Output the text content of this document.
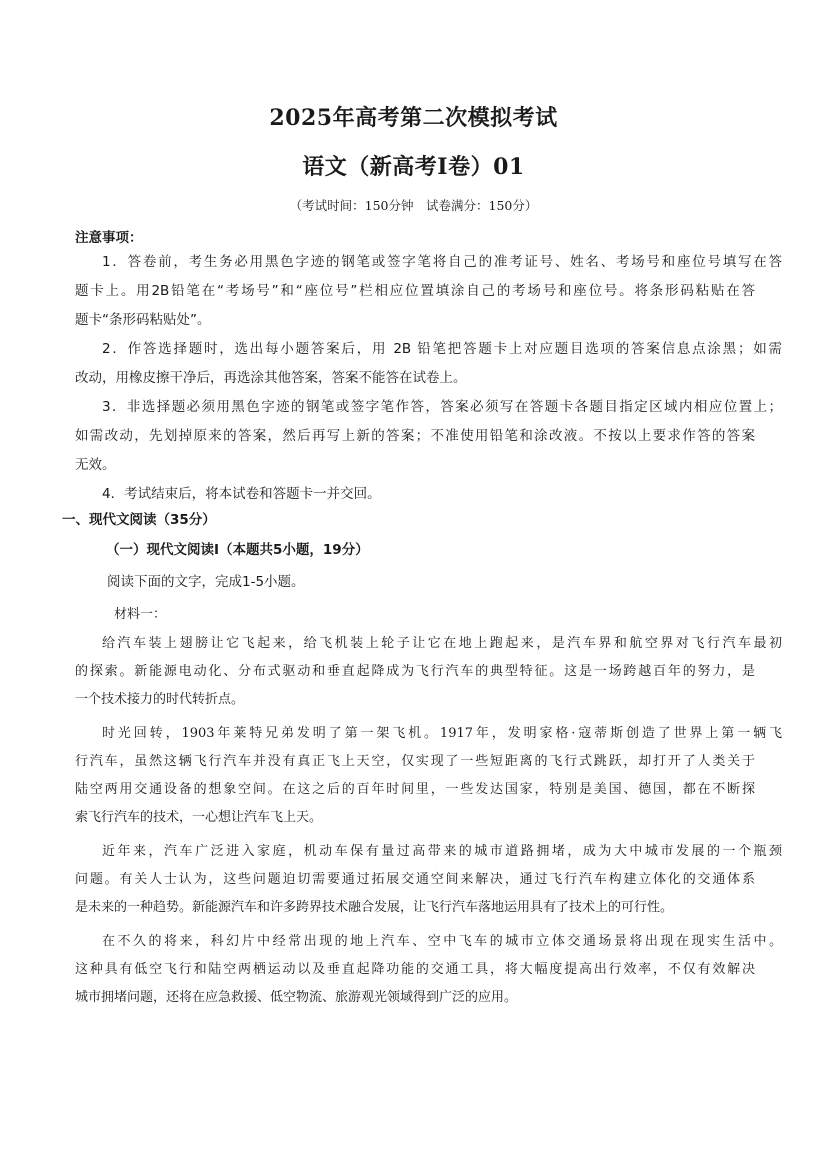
2025年高考第二次模拟考试
语文（新高考Ⅰ卷）01
（考试时间：150分钟　试卷满分：150分）
注意事项：
1．答卷前，考生务必用黑色字迹的钢笔或签字笔将自己的准考证号、姓名、考场号和座位号填写在答
题卡上。用2B铅笔在“考场号”和“座位号”栏相应位置填涂自己的考场号和座位号。将条形码粘贴在答
题卡“条形码粘贴处”。
2．作答选择题时，选出每小题答案后，用 2B 铅笔把答题卡上对应题目选项的答案信息点涂黑；如需
改动，用橡皮擦干净后，再选涂其他答案，答案不能答在试卷上。
3．非选择题必须用黑色字迹的钢笔或签字笔作答，答案必须写在答题卡各题目指定区域内相应位置上；
如需改动，先划掉原来的答案，然后再写上新的答案；不准使用铅笔和涂改液。不按以上要求作答的答案
无效。
4．考试结束后，将本试卷和答题卡一并交回。
一、现代文阅读（35分）
（一）现代文阅读Ⅰ（本题共5小题，19分）
阅读下面的文字，完成1-5小题。
材料一：
给汽车装上翅膀让它飞起来，给飞机装上轮子让它在地上跑起来，是汽车界和航空界对飞行汽车最初
的探索。新能源电动化、分布式驱动和垂直起降成为飞行汽车的典型特征。这是一场跨越百年的努力，是
一个技术接力的时代转折点。
时光回转，1903年莱特兄弟发明了第一架飞机。1917年，发明家格·寇蒂斯创造了世界上第一辆飞
行汽车，虽然这辆飞行汽车并没有真正飞上天空，仅实现了一些短距离的飞行式跳跃，却打开了人类关于
陆空两用交通设备的想象空间。在这之后的百年时间里，一些发达国家，特别是美国、德国，都在不断探
索飞行汽车的技术，一心想让汽车飞上天。
近年来，汽车广泛进入家庭，机动车保有量过高带来的城市道路拥堵，成为大中城市发展的一个瓶颈
问题。有关人士认为，这些问题迫切需要通过拓展交通空间来解决，通过飞行汽车构建立体化的交通体系
是未来的一种趋势。新能源汽车和许多跨界技术融合发展，让飞行汽车落地运用具有了技术上的可行性。
在不久的将来，科幻片中经常出现的地上汽车、空中飞车的城市立体交通场景将出现在现实生活中。
这种具有低空飞行和陆空两栖运动以及垂直起降功能的交通工具，将大幅度提高出行效率，不仅有效解决
城市拥堵问题，还将在应急救援、低空物流、旅游观光领域得到广泛的应用。
